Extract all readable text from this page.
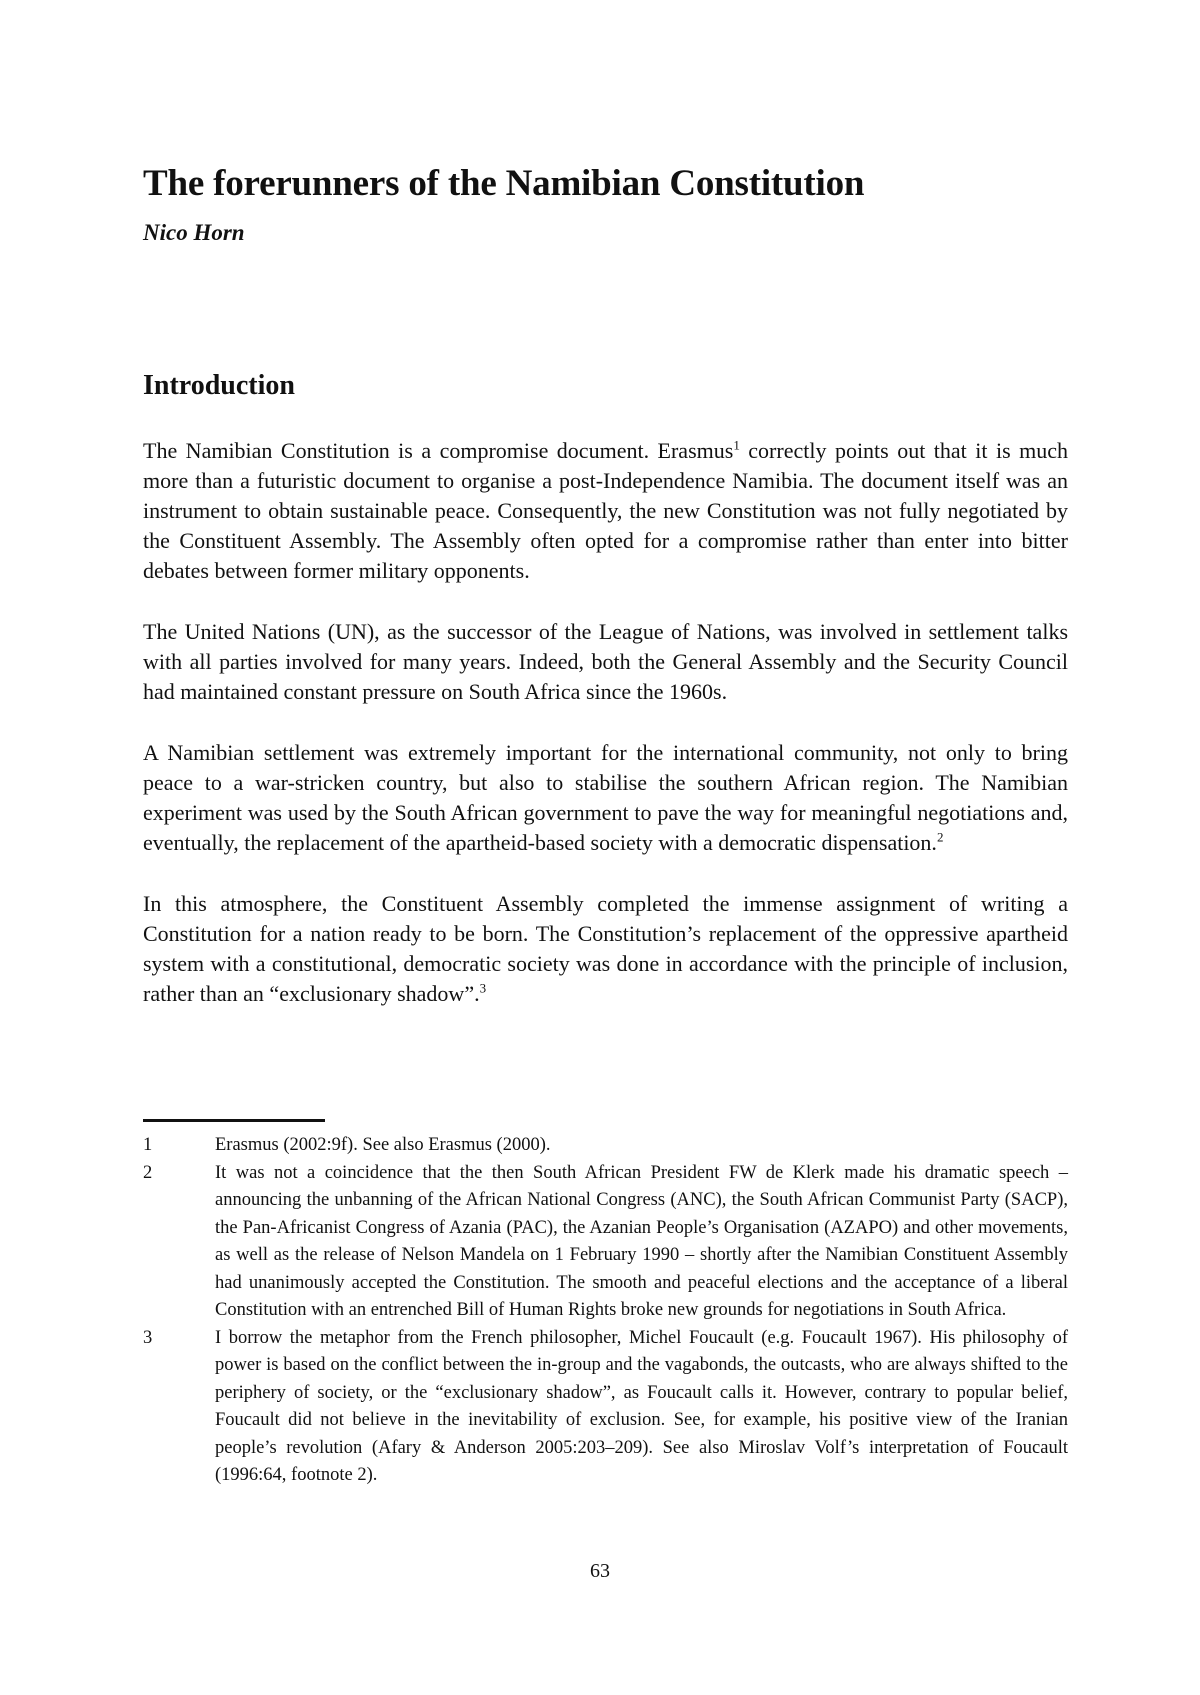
The forerunners of the Namibian Constitution
Nico Horn
Introduction

The Namibian Constitution is a compromise document. Erasmus$^1$ correctly points out that it is much more than a futuristic document to organise a post-Independence Namibia. The document itself was an instrument to obtain sustainable peace. Consequently, the new Constitution was not fully negotiated by the Constituent Assembly. The Assembly often opted for a compromise rather than enter into bitter debates between former military opponents.

The United Nations (UN), as the successor of the League of Nations, was involved in settlement talks with all parties involved for many years. Indeed, both the General Assembly and the Security Council had maintained constant pressure on South Africa since the 1960s.

A Namibian settlement was extremely important for the international community, not only to bring peace to a war-stricken country, but also to stabilise the southern African region. The Namibian experiment was used by the South African government to pave the way for meaningful negotiations and, eventually, the replacement of the apartheid-based society with a democratic dispensation.$^2$

In this atmosphere, the Constituent Assembly completed the immense assignment of writing a Constitution for a nation ready to be born. The Constitution’s replacement of the oppressive apartheid system with a constitutional, democratic society was done in accordance with the principle of inclusion, rather than an “exclusionary shadow”.$^3$

1	Erasmus (2002:9f). See also Erasmus (2000).
2	It was not a coincidence that the then South African President FW de Klerk made his dramatic speech – announcing the unbanning of the African National Congress (ANC), the South African Communist Party (SACP), the Pan-Africanist Congress of Azania (PAC), the Azanian People’s Organisation (AZAPO) and other movements, as well as the release of Nelson Mandela on 1 February 1990 – shortly after the Namibian Constituent Assembly had unanimously accepted the Constitution. The smooth and peaceful elections and the acceptance of a liberal Constitution with an entrenched Bill of Human Rights broke new grounds for negotiations in South Africa.
3	I borrow the metaphor from the French philosopher, Michel Foucault (e.g. Foucault 1967). His philosophy of power is based on the conflict between the in-group and the vagabonds, the outcasts, who are always shifted to the periphery of society, or the “exclusionary shadow”, as Foucault calls it. However, contrary to popular belief, Foucault did not believe in the inevitability of exclusion. See, for example, his positive view of the Iranian people’s revolution (Afary & Anderson 2005:203–209). See also Miroslav Volf’s interpretation of Foucault (1996:64, footnote 2).
63
